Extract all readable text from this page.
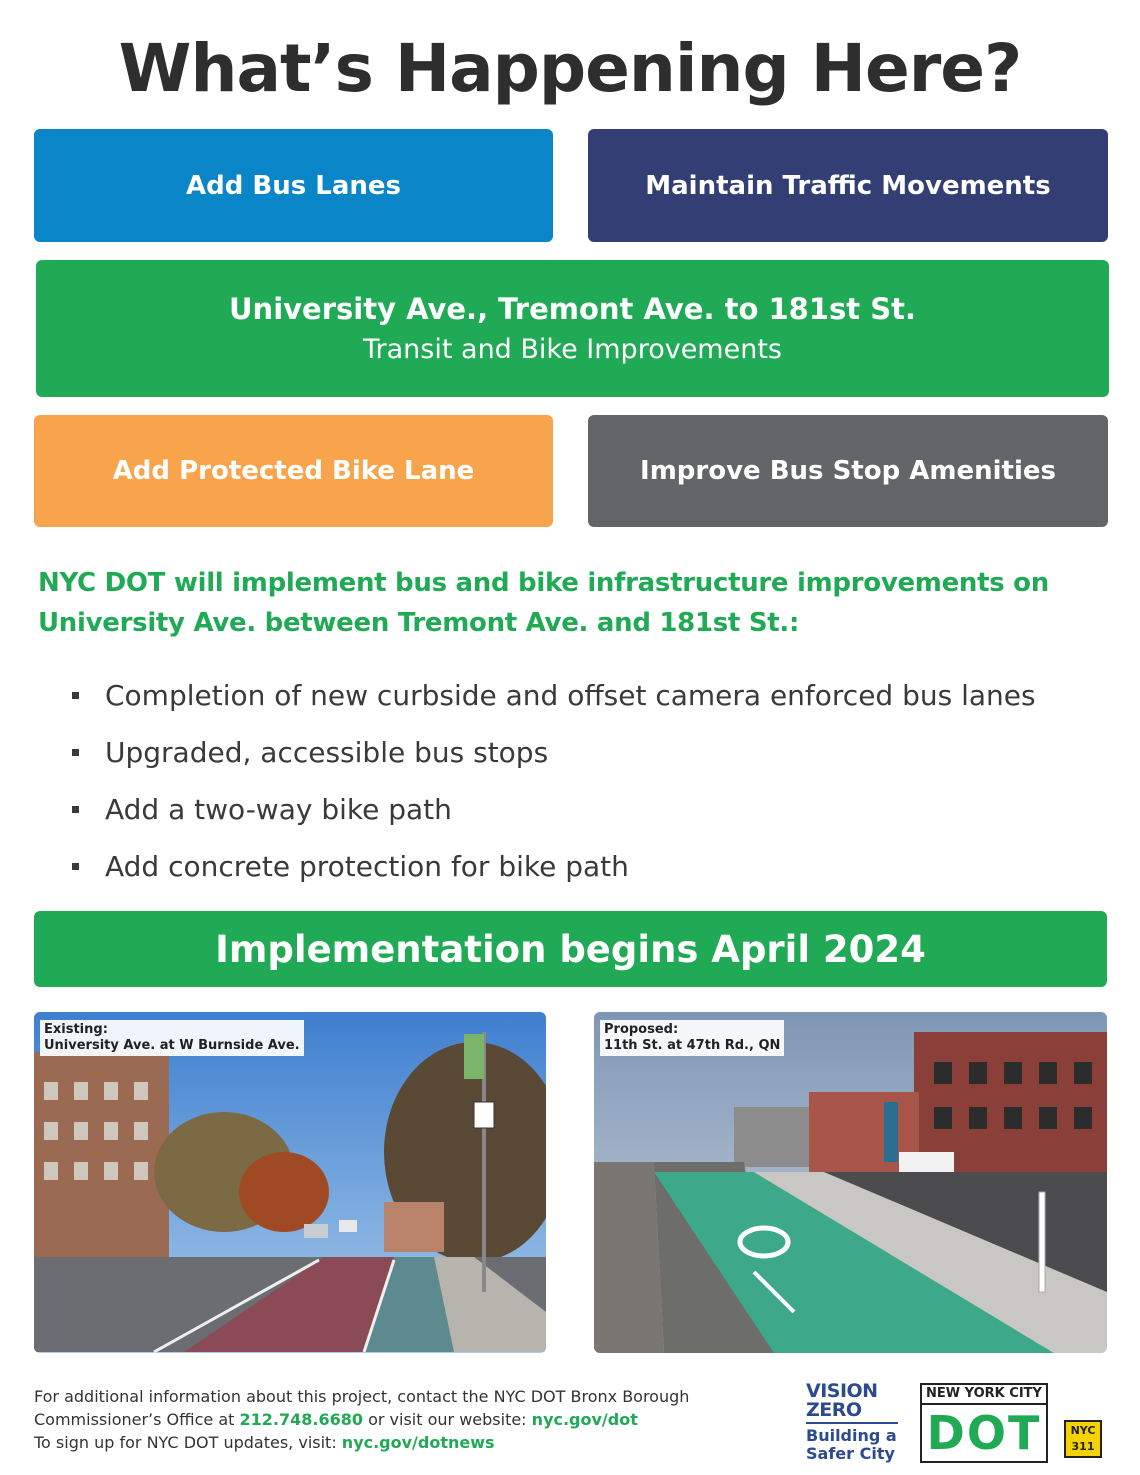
What’s Happening Here?
Add Bus Lanes	Maintain Traffic Movements
University Ave., Tremont Ave. to 181st St.
Transit and Bike Improvements
Add Protected Bike Lane	Improve Bus Stop Amenities
NYC DOT will implement bus and bike infrastructure improvements on University Ave. between Tremont Ave. and 181st St.:
Completion of new curbside and offset camera enforced bus lanes
Upgraded, accessible bus stops
Add a two-way bike path
Add concrete protection for bike path
Implementation begins April 2024
Existing:
University Ave. at W Burnside Ave.
Proposed:
11th St. at 47th Rd., QN
For additional information about this project, contact the NYC DOT Bronx Borough
Commissioner’s Office at 212.748.6680 or visit our website: nyc.gov/dot
To sign up for NYC DOT updates, visit: nyc.gov/dotnews
VISION
ZERO
Building a
Safer City
NEW YORK CITY
DOT	NYC
311
